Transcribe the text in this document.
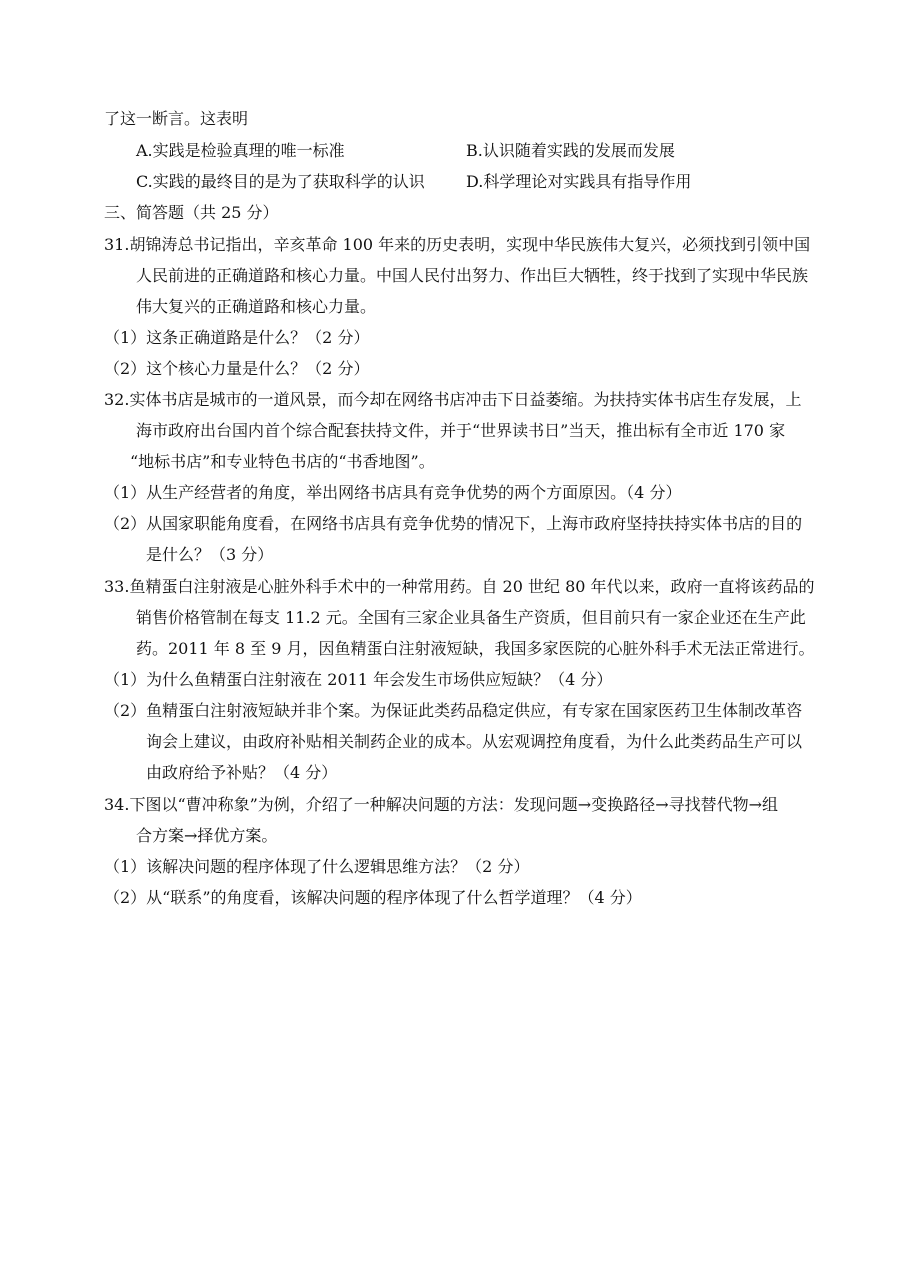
了这一断言。这表明
A.实践是检验真理的唯一标准	B.认识随着实践的发展而发展
C.实践的最终目的是为了获取科学的认识	D.科学理论对实践具有指导作用
三、简答题（共 25 分）
31.胡锦涛总书记指出，辛亥革命 100 年来的历史表明，实现中华民族伟大复兴，必须找到引领中国
人民前进的正确道路和核心力量。中国人民付出努力、作出巨大牺牲，终于找到了实现中华民族
伟大复兴的正确道路和核心力量。
（1）这条正确道路是什么？（2 分）
（2）这个核心力量是什么？（2 分）
32.实体书店是城市的一道风景，而今却在网络书店冲击下日益萎缩。为扶持实体书店生存发展，上
海市政府出台国内首个综合配套扶持文件，并于“世界读书日”当天，推出标有全市近 170 家
“地标书店”和专业特色书店的“书香地图”。
（1）从生产经营者的角度，举出网络书店具有竞争优势的两个方面原因。（4 分）
（2）从国家职能角度看，在网络书店具有竞争优势的情况下，上海市政府坚持扶持实体书店的目的
是什么？（3 分）
33.鱼精蛋白注射液是心脏外科手术中的一种常用药。自 20 世纪 80 年代以来，政府一直将该药品的
销售价格管制在每支 11.2 元。全国有三家企业具备生产资质，但目前只有一家企业还在生产此
药。2011 年 8 至 9 月，因鱼精蛋白注射液短缺，我国多家医院的心脏外科手术无法正常进行。
（1）为什么鱼精蛋白注射液在 2011 年会发生市场供应短缺？（4 分）
（2）鱼精蛋白注射液短缺并非个案。为保证此类药品稳定供应，有专家在国家医药卫生体制改革咨
询会上建议，由政府补贴相关制药企业的成本。从宏观调控角度看，为什么此类药品生产可以
由政府给予补贴？（4 分）
34.下图以“曹冲称象”为例，介绍了一种解决问题的方法：发现问题→变换路径→寻找替代物→组
合方案→择优方案。
（1）该解决问题的程序体现了什么逻辑思维方法？（2 分）
（2）从“联系”的角度看，该解决问题的程序体现了什么哲学道理？（4 分）
